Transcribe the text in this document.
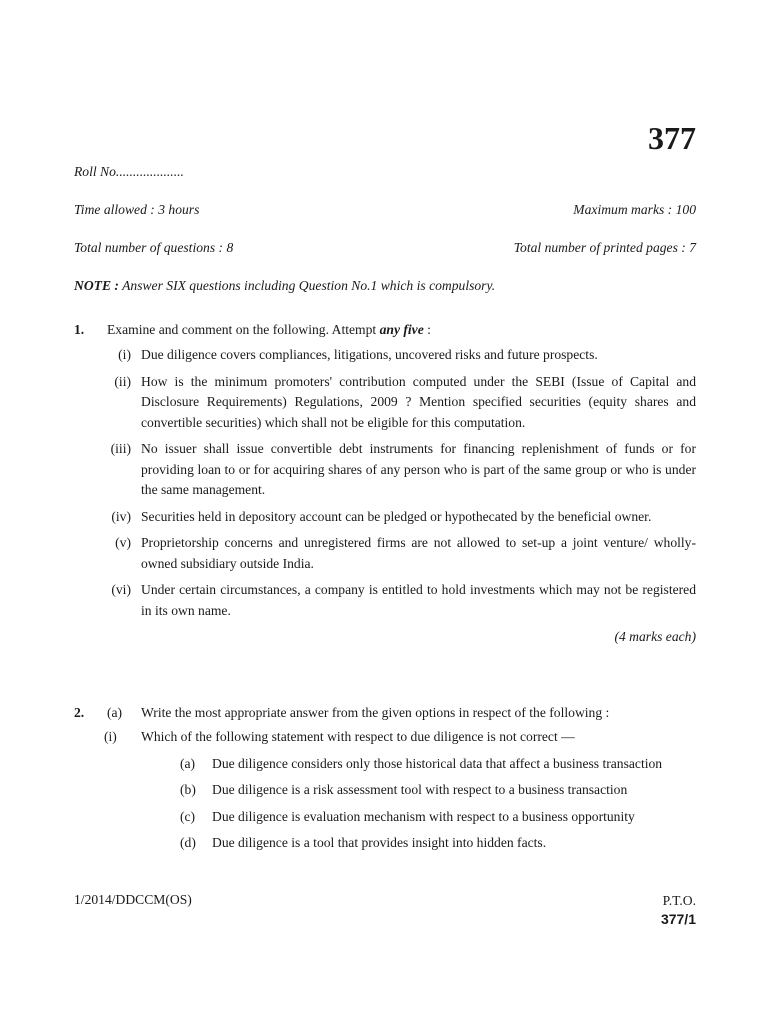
377
Roll No....................
Time allowed : 3 hours	Maximum marks : 100
Total number of questions : 8	Total number of printed pages : 7
NOTE : Answer SIX questions including Question No.1 which is compulsory.
1.	Examine and comment on the following. Attempt any five :
(i) Due diligence covers compliances, litigations, uncovered risks and future prospects.
(ii) How is the minimum promoters' contribution computed under the SEBI (Issue of Capital and Disclosure Requirements) Regulations, 2009 ? Mention specified securities (equity shares and convertible securities) which shall not be eligible for this computation.
(iii) No issuer shall issue convertible debt instruments for financing replenishment of funds or for providing loan to or for acquiring shares of any person who is part of the same group or who is under the same management.
(iv) Securities held in depository account can be pledged or hypothecated by the beneficial owner.
(v) Proprietorship concerns and unregistered firms are not allowed to set-up a joint venture/ wholly-owned subsidiary outside India.
(vi) Under certain circumstances, a company is entitled to hold investments which may not be registered in its own name.
(4 marks each)
2.	(a)	Write the most appropriate answer from the given options in respect of the following :
(i)	Which of the following statement with respect to due diligence is not correct —
(a)	Due diligence considers only those historical data that affect a business transaction
(b)	Due diligence is a risk assessment tool with respect to a business transaction
(c)	Due diligence is evaluation mechanism with respect to a business opportunity
(d)	Due diligence is a tool that provides insight into hidden facts.
1/2014/DDCCM(OS)	P.T.O.
377/1
